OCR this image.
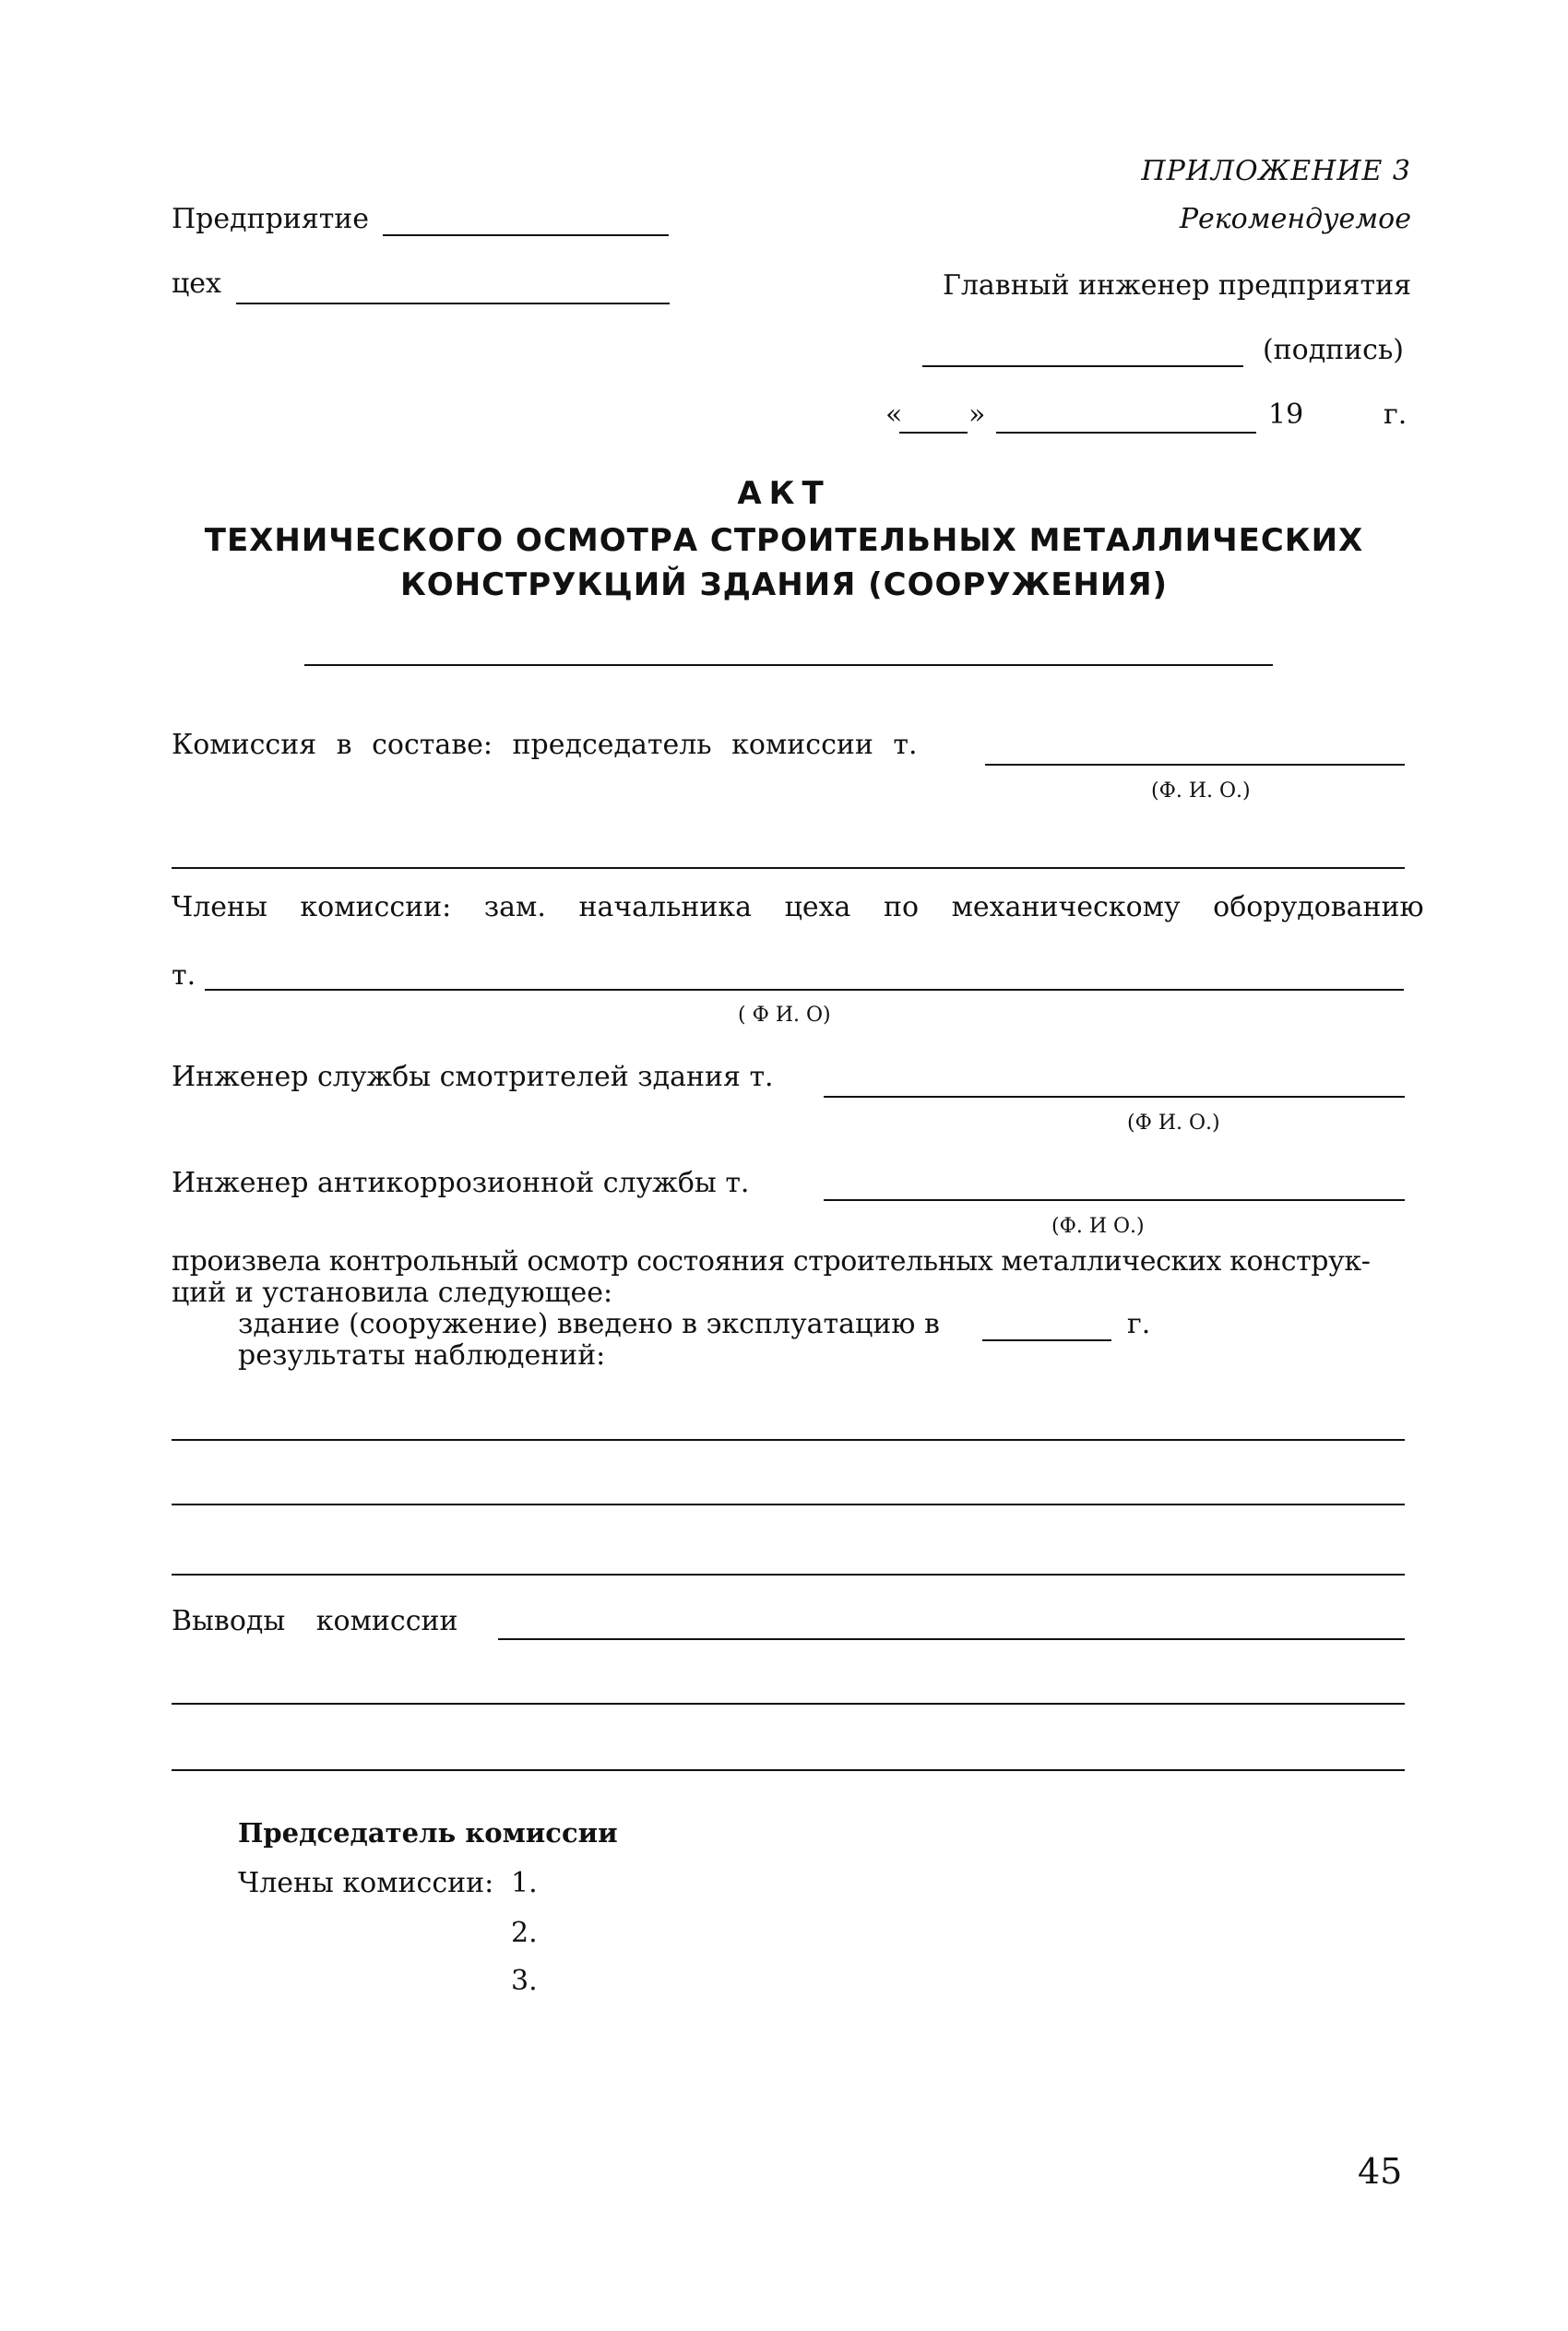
ПРИЛОЖЕНИЕ 3
Рекомендуемое
Предприятие
цех	Главный инженер предприятия
(подпись)
« »	19	г.
АКТ
ТЕХНИЧЕСКОГО ОСМОТРА СТРОИТЕЛЬНЫХ МЕТАЛЛИЧЕСКИХ
КОНСТРУКЦИЙ ЗДАНИЯ (СООРУЖЕНИЯ)
Комиссия в составе: председатель комиссии т.
(Ф. И. О.)
Члены комиссии: зам. начальника цеха по механическому оборудованию
т.
( Ф И. О)
Инженер службы смотрителей здания т.
(Ф И. О.)
Инженер антикоррозионной службы т.
(Ф. И О.)
произвела контрольный осмотр состояния строительных металлических конструк-
ций и установила следующее:
здание (сооружение) введено в эксплуатацию в	г.
результаты наблюдений:
Выводы комиссии
Председатель комиссии
Члены комиссии: 1.
2.
3.
45
